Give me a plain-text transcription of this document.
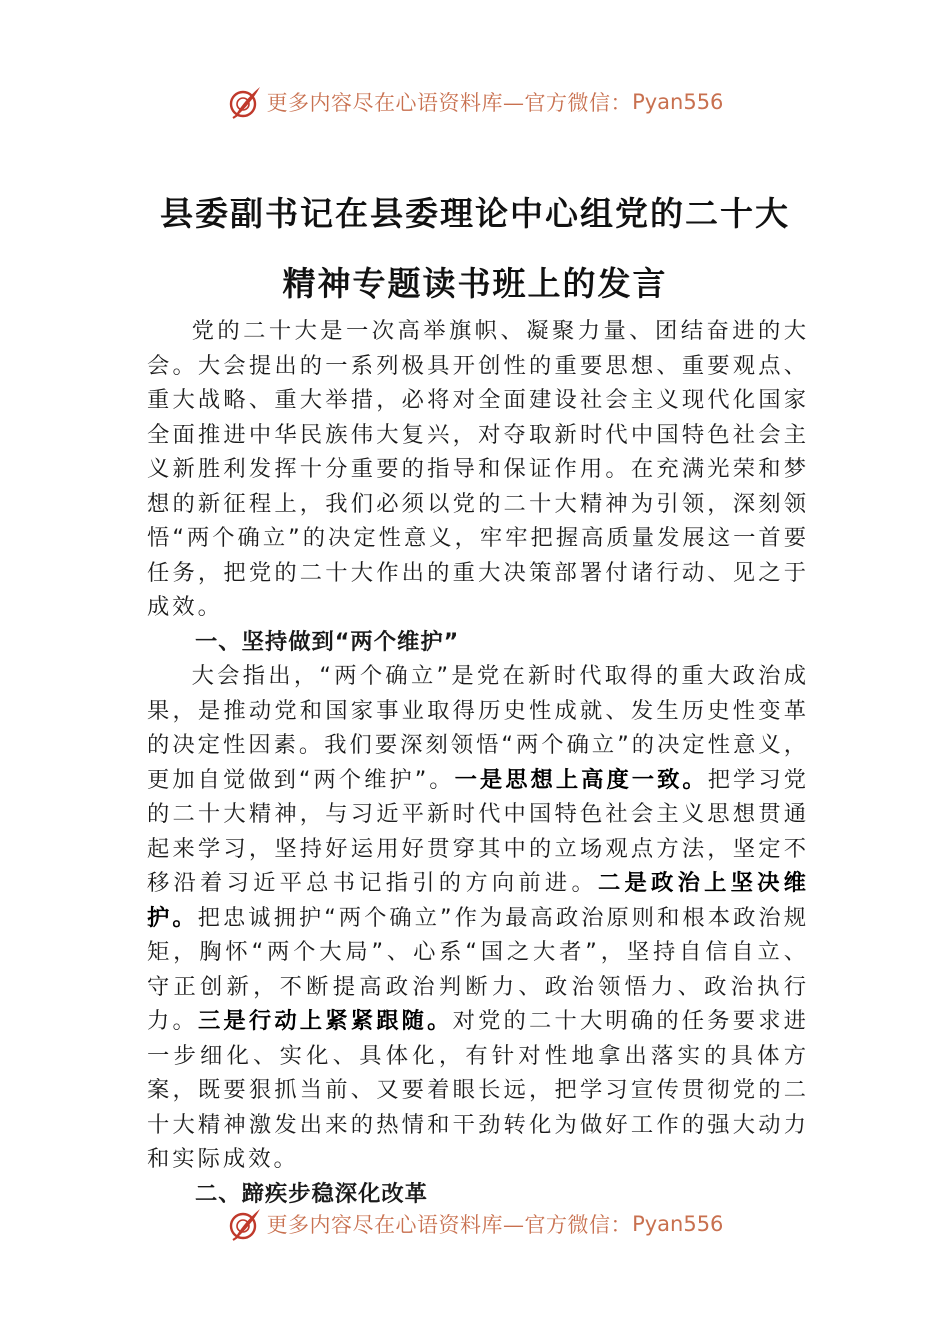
更多内容尽在心语资料库—官方微信： Pyan556
县委副书记在县委理论中心组党的二十大
精神专题读书班上的发言

党的二十大是一次高举旗帜、凝聚力量、团结奋进的大会。大会提出的一系列极具开创性的重要思想、重要观点、重大战略、重大举措，必将对全面建设社会主义现代化国家全面推进中华民族伟大复兴，对夺取新时代中国特色社会主义新胜利发挥十分重要的指导和保证作用。在充满光荣和梦想的新征程上，我们必须以党的二十大精神为引领，深刻领悟“两个确立”的决定性意义，牢牢把握高质量发展这一首要任务，把党的二十大作出的重大决策部署付诸行动、见之于成效。

一、坚持做到“两个维护”

大会指出，“两个确立”是党在新时代取得的重大政治成果，是推动党和国家事业取得历史性成就、发生历史性变革的决定性因素。我们要深刻领悟“两个确立”的决定性意义，更加自觉做到“两个维护”。一是思想上高度一致。把学习党的二十大精神，与习近平新时代中国特色社会主义思想贯通起来学习，坚持好运用好贯穿其中的立场观点方法，坚定不移沿着习近平总书记指引的方向前进。二是政治上坚决维护。把忠诚拥护“两个确立”作为最高政治原则和根本政治规矩，胸怀“两个大局”、心系“国之大者”，坚持自信自立、守正创新，不断提高政治判断力、政治领悟力、政治执行力。三是行动上紧紧跟随。对党的二十大明确的任务要求进一步细化、实化、具体化，有针对性地拿出落实的具体方案，既要狠抓当前、又要着眼长远，把学习宣传贯彻党的二十大精神激发出来的热情和干劲转化为做好工作的强大动力和实际成效。

二、蹄疾步稳深化改革

更多内容尽在心语资料库—官方微信： Pyan556
